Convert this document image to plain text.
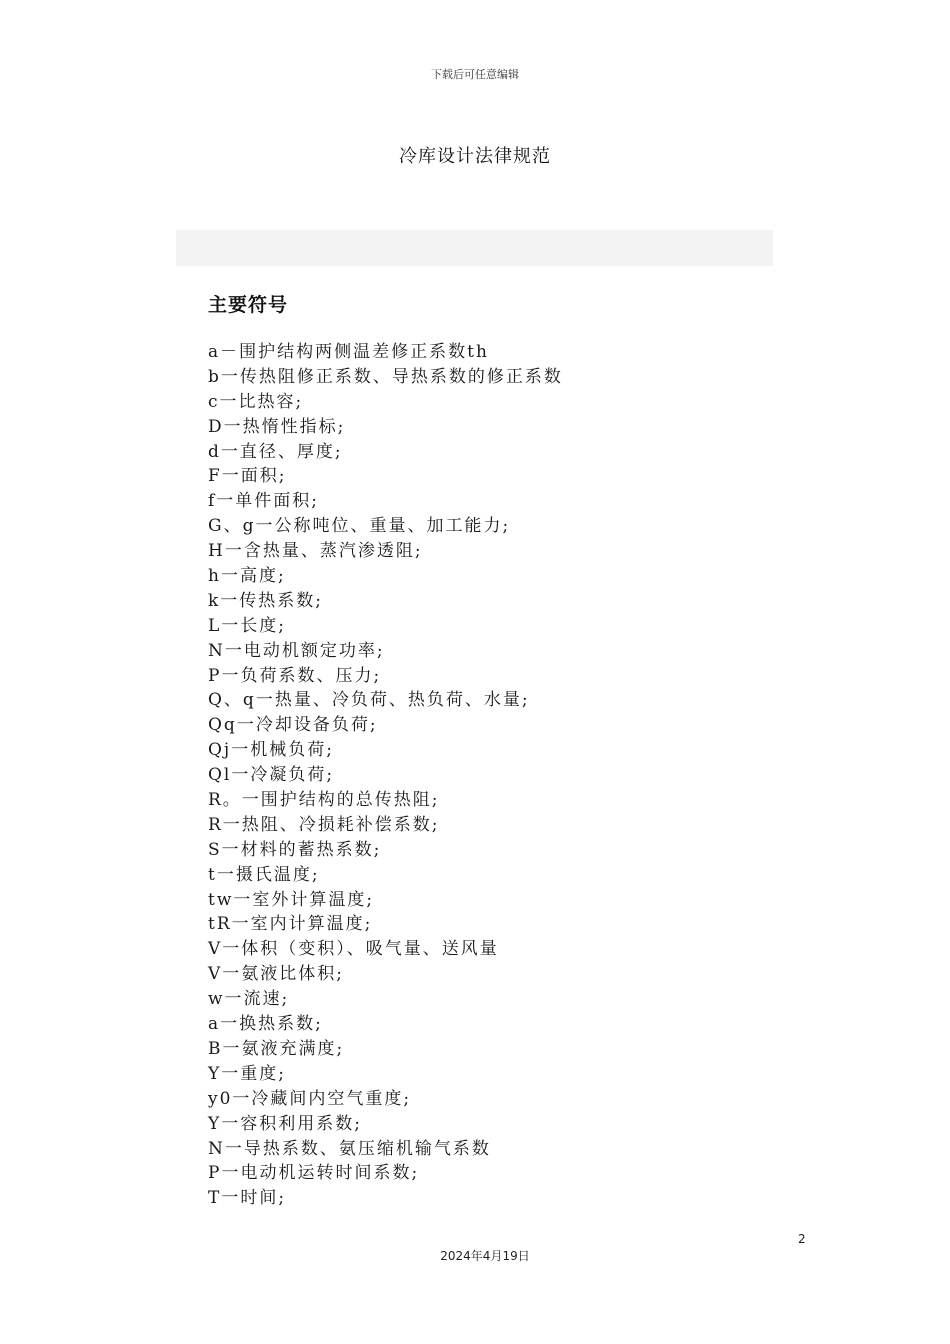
下载后可任意编辑
冷库设计法律规范
主要符号
a－围护结构两侧温差修正系数th
b一传热阻修正系数、导热系数的修正系数
c一比热容;
D一热惰性指标;
d一直径、厚度;
F一面积;
f一单件面积;
G、g一公称吨位、重量、加工能力;
H一含热量、蒸汽渗透阻;
h一高度;
k一传热系数;
L一长度;
N一电动机额定功率;
P一负荷系数、压力;
Q、q一热量、冷负荷、热负荷、水量;
Qq一冷却设备负荷;
Qj一机械负荷;
Ql一冷凝负荷;
R。一围护结构的总传热阻;
R一热阻、冷损耗补偿系数;
S一材料的蓄热系数;
t一摄氏温度;
tw一室外计算温度;
tR一室内计算温度;
V一体积（变积）、吸气量、送风量
V一氨液比体积;
w一流速;
a一换热系数;
B一氨液充满度;
Y一重度;
y0一冷藏间内空气重度;
Y一容积利用系数;
N一导热系数、氨压缩机输气系数
P一电动机运转时间系数;
T一时间;
2
2024年4月19日
